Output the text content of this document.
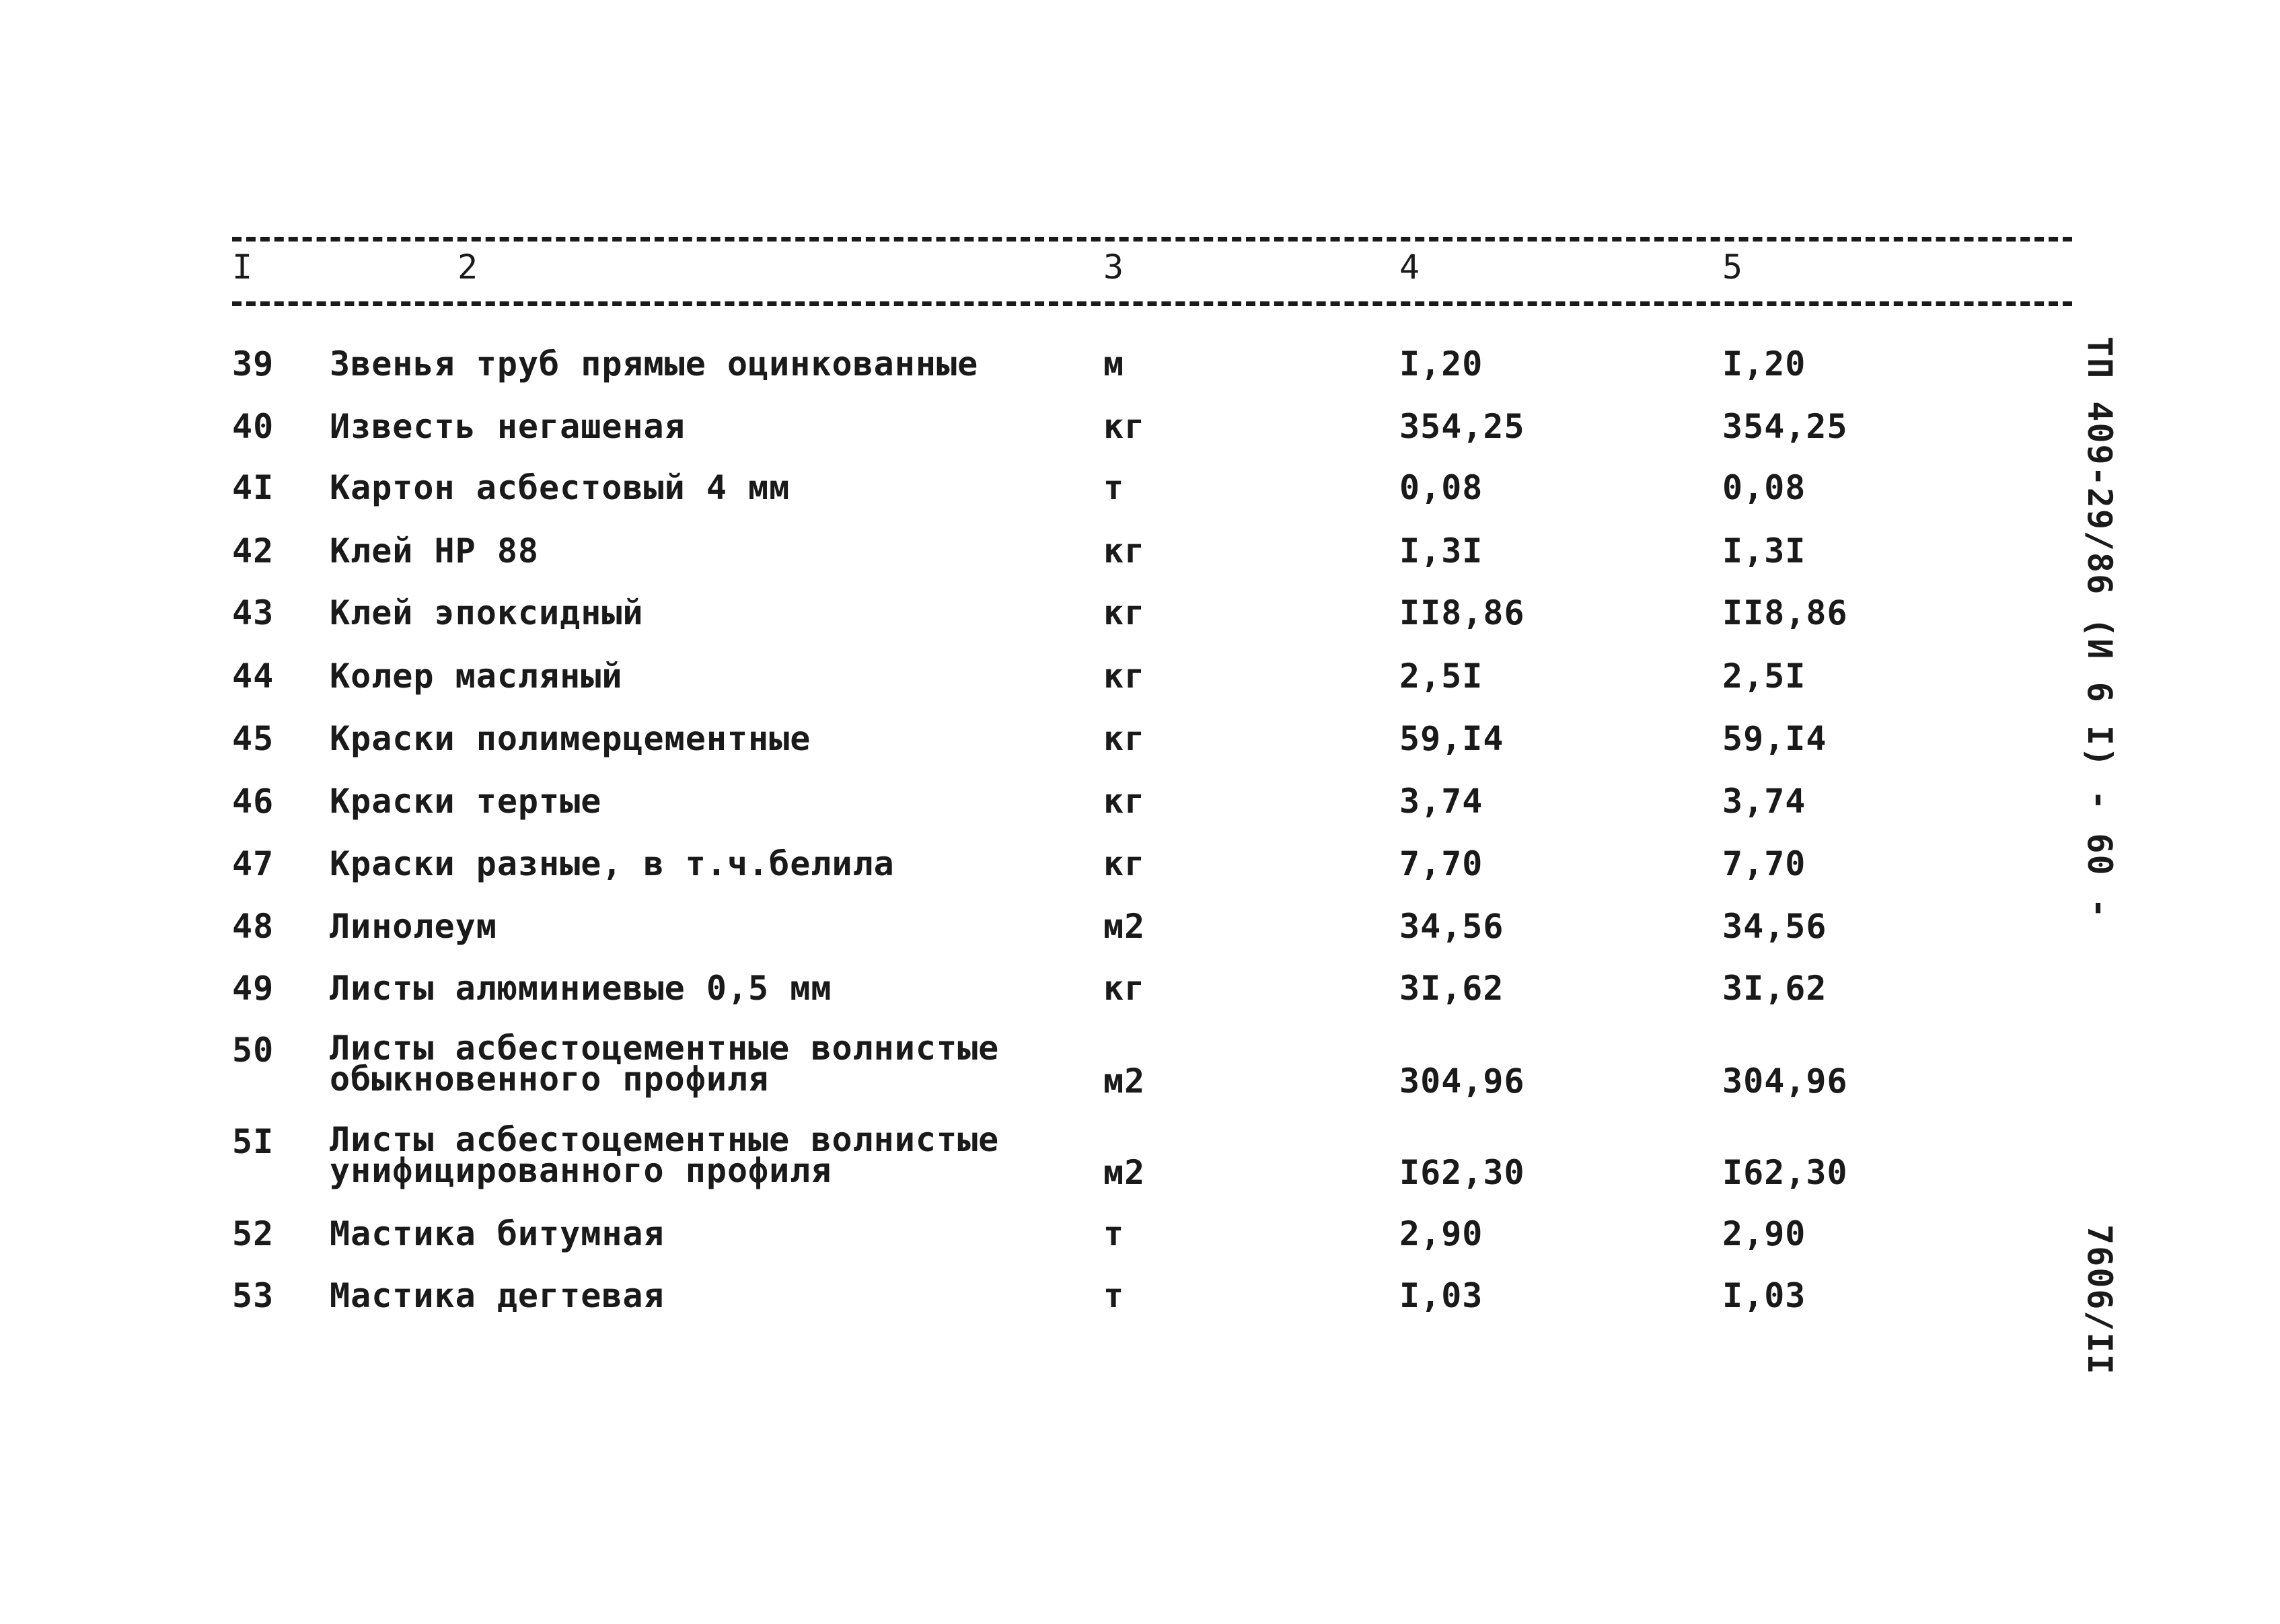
I	2	3	4	5
39 Звенья труб прямые оцинкованные	м	I,20	I,20
40 Известь негашеная	кг	354,25	354,25
4I Картон асбестовый 4 мм	т	0,08	0,08
42 Клей НР 88	кг	I,3I	I,3I
43 Клей эпоксидный	кг	II8,86	II8,86
44 Колер масляный	кг	2,5I	2,5I
45 Краски полимерцементные	кг	59,I4	59,I4
46 Краски тертые	кг	3,74	3,74
47 Краски разные, в т.ч.белила	кг	7,70	7,70
48 Линолеум	м2	34,56	34,56
49 Листы алюминиевые 0,5 мм	кг	3I,62	3I,62
50 Листы асбестоцементные волнистые
обыкновенного профиля	м2	304,96	304,96
5I Листы асбестоцементные волнистые
унифицированного профиля	м2	I62,30	I62,30
52 Мастика битумная	т	2,90	2,90
53 Мастика дегтевая	т	I,03	I,03
ТП 409-29/86 (И 6 I) - 60 -
7606/II
